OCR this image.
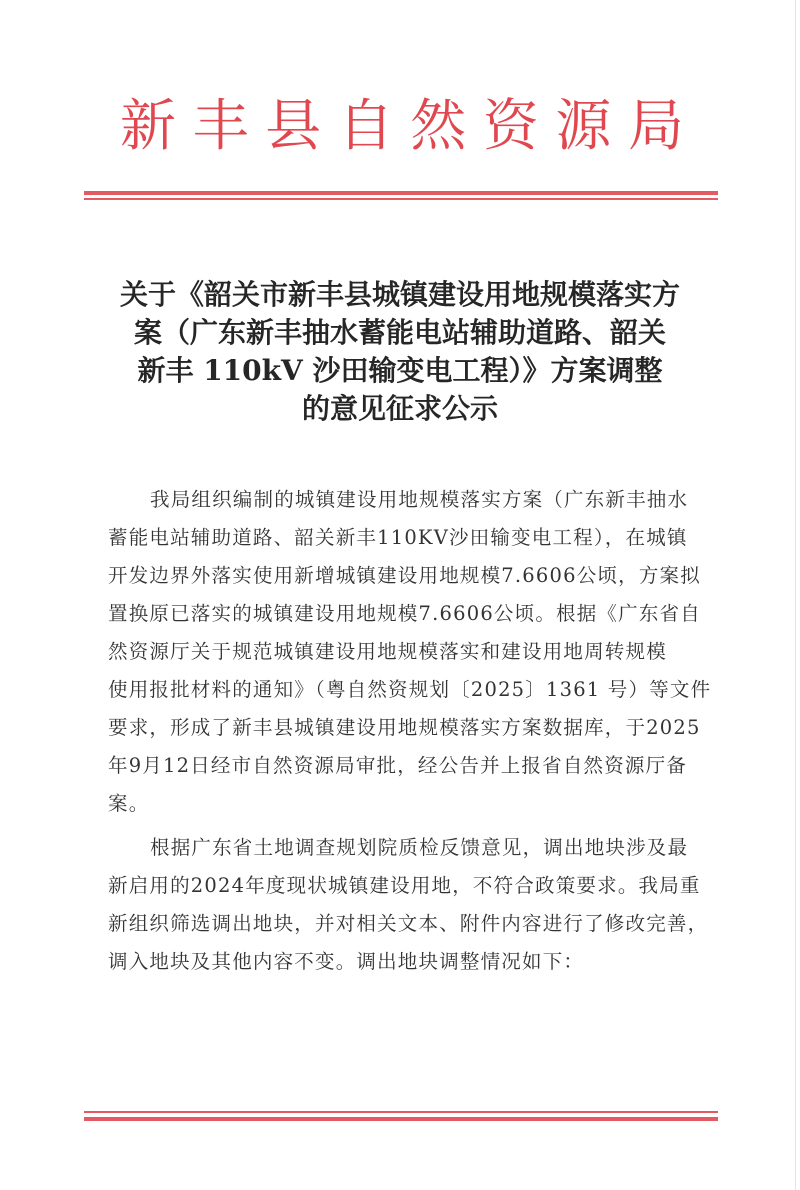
新 丰 县 自 然 资 源 局
关于《韶关市新丰县城镇建设用地规模落实方
案（广东新丰抽水蓄能电站辅助道路、韶关
新丰 110kV 沙田输变电工程）》方案调整
的意见征求公示
我局组织编制的城镇建设用地规模落实方案（广东新丰抽水
蓄能电站辅助道路、韶关新丰110KV沙田输变电工程），在城镇
开发边界外落实使用新增城镇建设用地规模7.6606公顷，方案拟
置换原已落实的城镇建设用地规模7.6606公顷。根据《广东省自
然资源厅关于规范城镇建设用地规模落实和建设用地周转规模
使用报批材料的通知》（粤自然资规划〔2025〕1361 号）等文件
要求，形成了新丰县城镇建设用地规模落实方案数据库，于2025
年9月12日经市自然资源局审批，经公告并上报省自然资源厅备
案。
根据广东省土地调查规划院质检反馈意见，调出地块涉及最
新启用的2024年度现状城镇建设用地，不符合政策要求。我局重
新组织筛选调出地块，并对相关文本、附件内容进行了修改完善，
调入地块及其他内容不变。调出地块调整情况如下：
